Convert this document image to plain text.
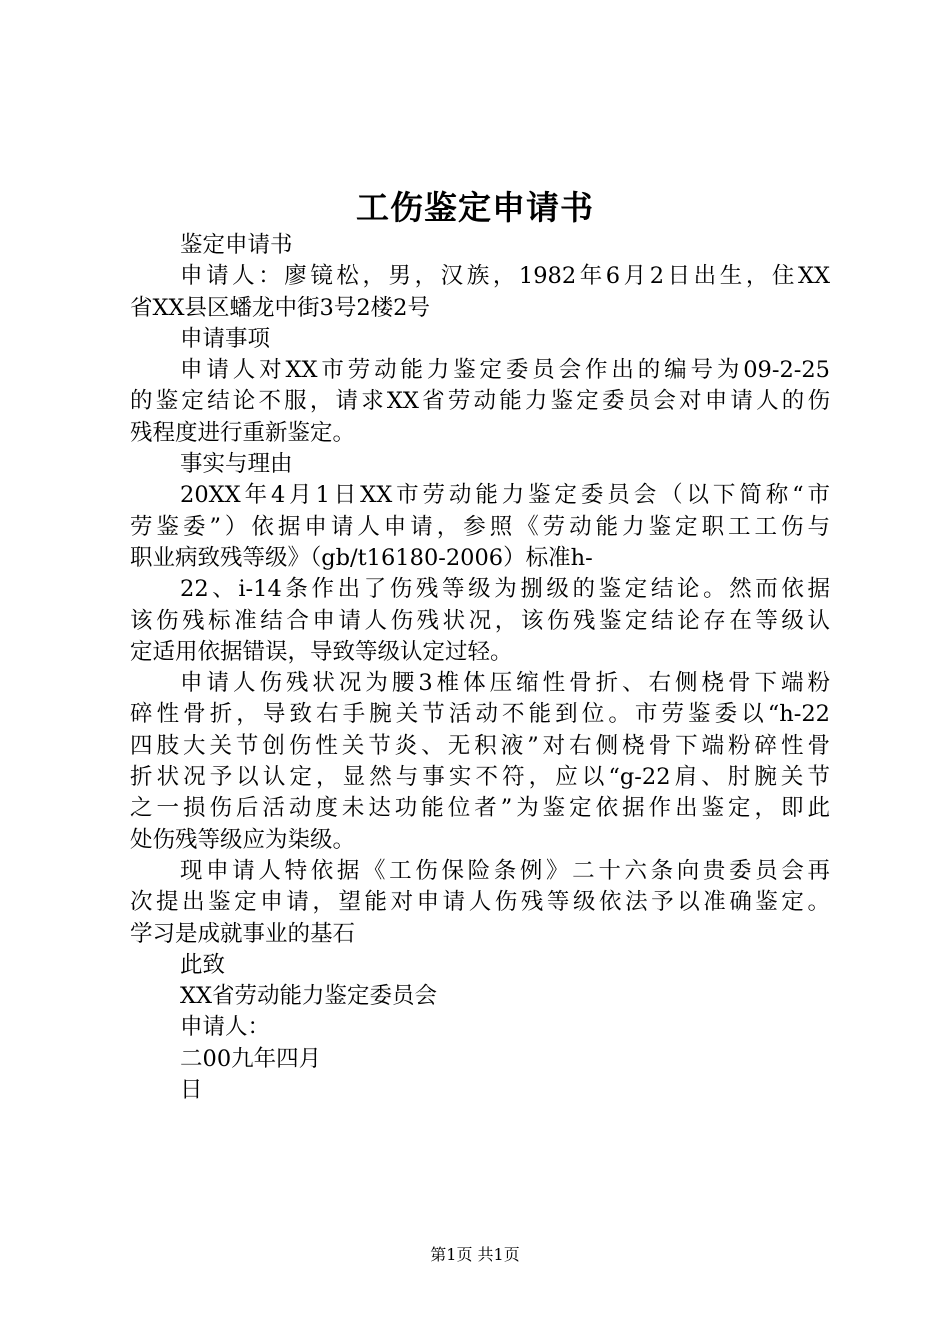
工伤鉴定申请书
鉴定申请书
申请人：廖镜松，男，汉族，1982年6月2日出生，住XX
省XX县区蟠龙中街3号2楼2号
申请事项
申请人对XX市劳动能力鉴定委员会作出的编号为09-2-25
的鉴定结论不服，请求XX省劳动能力鉴定委员会对申请人的伤
残程度进行重新鉴定。
事实与理由
20XX年4月1日XX市劳动能力鉴定委员会（以下简称“市
劳鉴委”）依据申请人申请，参照《劳动能力鉴定职工工伤与
职业病致残等级》（gb/t16180-2006）标准h-
22、i-14条作出了伤残等级为捌级的鉴定结论。然而依据
该伤残标准结合申请人伤残状况，该伤残鉴定结论存在等级认
定适用依据错误，导致等级认定过轻。
申请人伤残状况为腰3椎体压缩性骨折、右侧桡骨下端粉
碎性骨折，导致右手腕关节活动不能到位。市劳鉴委以“h-22
四肢大关节创伤性关节炎、无积液”对右侧桡骨下端粉碎性骨
折状况予以认定，显然与事实不符，应以“g-22肩、肘腕关节
之一损伤后活动度未达功能位者”为鉴定依据作出鉴定，即此
处伤残等级应为柒级。
现申请人特依据《工伤保险条例》二十六条向贵委员会再
次提出鉴定申请，望能对申请人伤残等级依法予以准确鉴定。
学习是成就事业的基石
此致
XX省劳动能力鉴定委员会
申请人：
二00九年四月
日
第1页 共1页
